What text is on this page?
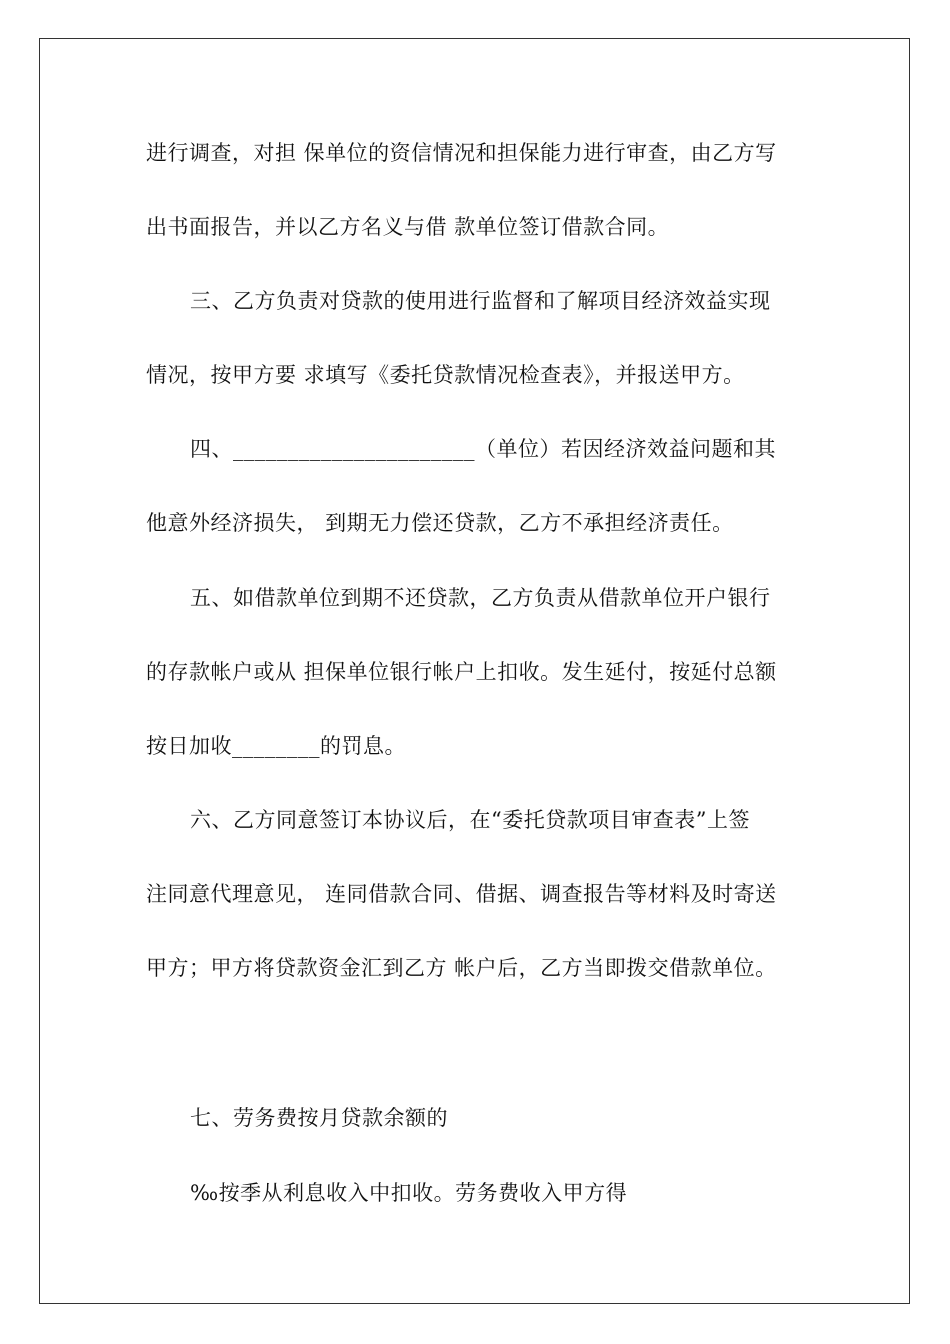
进行调查，对担 保单位的资信情况和担保能力进行审查，由乙方写
出书面报告，并以乙方名义与借 款单位签订借款合同。
三、乙方负责对贷款的使用进行监督和了解项目经济效益实现
情况，按甲方要 求填写《委托贷款情况检查表》，并报送甲方。
四、______________________（单位）若因经济效益问题和其
他意外经济损失， 到期无力偿还贷款，乙方不承担经济责任。
五、如借款单位到期不还贷款，乙方负责从借款单位开户银行
的存款帐户或从 担保单位银行帐户上扣收。发生延付，按延付总额
按日加收________的罚息。
六、乙方同意签订本协议后，在“委托贷款项目审查表”上签
注同意代理意见， 连同借款合同、借据、调查报告等材料及时寄送
甲方；甲方将贷款资金汇到乙方 帐户后，乙方当即拨交借款单位。
七、劳务费按月贷款余额的
‰按季从利息收入中扣收。劳务费收入甲方得
